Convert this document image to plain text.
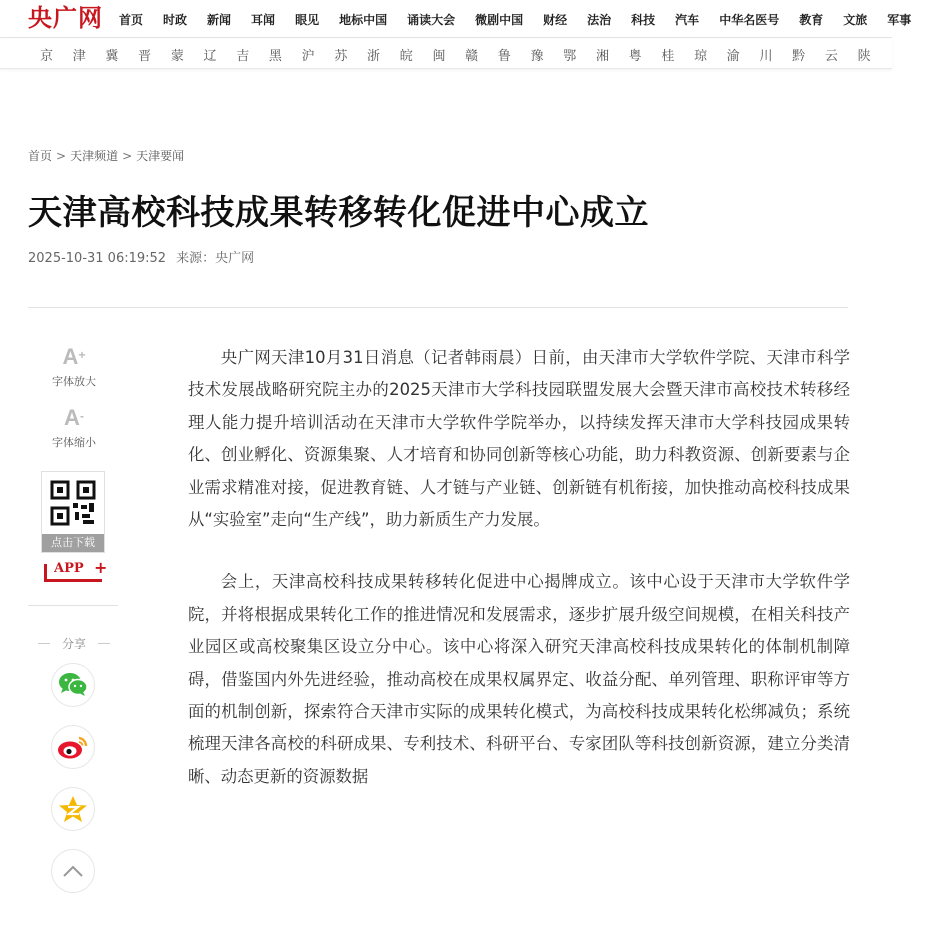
央广网 首页 时政 新闻 耳闻 眼见 地标中国 诵读大会 微剧中国 财经 法治 科技 汽车 中华名医号 教育 文旅 军事
京 津 冀 晋 蒙 辽 吉 黑 沪 苏 浙 皖 闽 赣 鲁 豫 鄂 湘 粤 桂 琼 渝 川 黔 云 陕
首页 > 天津频道 > 天津要闻
天津高校科技成果转移转化促进中心成立
2025-10-31 06:19:52 来源：央广网
A+
字体放大
A-
字体缩小
点击下载
APP +
分享

央广网天津10月31日消息（记者韩雨晨）日前，由天津市大学软件学院、天津市科学技术发展战略研究院主办的2025天津市大学科技园联盟发展大会暨天津市高校技术转移经理人能力提升培训活动在天津市大学软件学院举办，以持续发挥天津市大学科技园成果转化、创业孵化、资源集聚、人才培育和协同创新等核心功能，助力科教资源、创新要素与企业需求精准对接，促进教育链、人才链与产业链、创新链有机衔接，加快推动高校科技成果从“实验室”走向“生产线”，助力新质生产力发展。

会上，天津高校科技成果转移转化促进中心揭牌成立。该中心设于天津市大学软件学院，并将根据成果转化工作的推进情况和发展需求，逐步扩展升级空间规模，在相关科技产业园区或高校聚集区设立分中心。该中心将深入研究天津高校科技成果转化的体制机制障碍，借鉴国内外先进经验，推动高校在成果权属界定、收益分配、单列管理、职称评审等方面的机制创新，探索符合天津市实际的成果转化模式，为高校科技成果转化松绑减负；系统梳理天津各高校的科研成果、专利技术、科研平台、专家团队等科技创新资源，建立分类清晰、动态更新的资源数据
